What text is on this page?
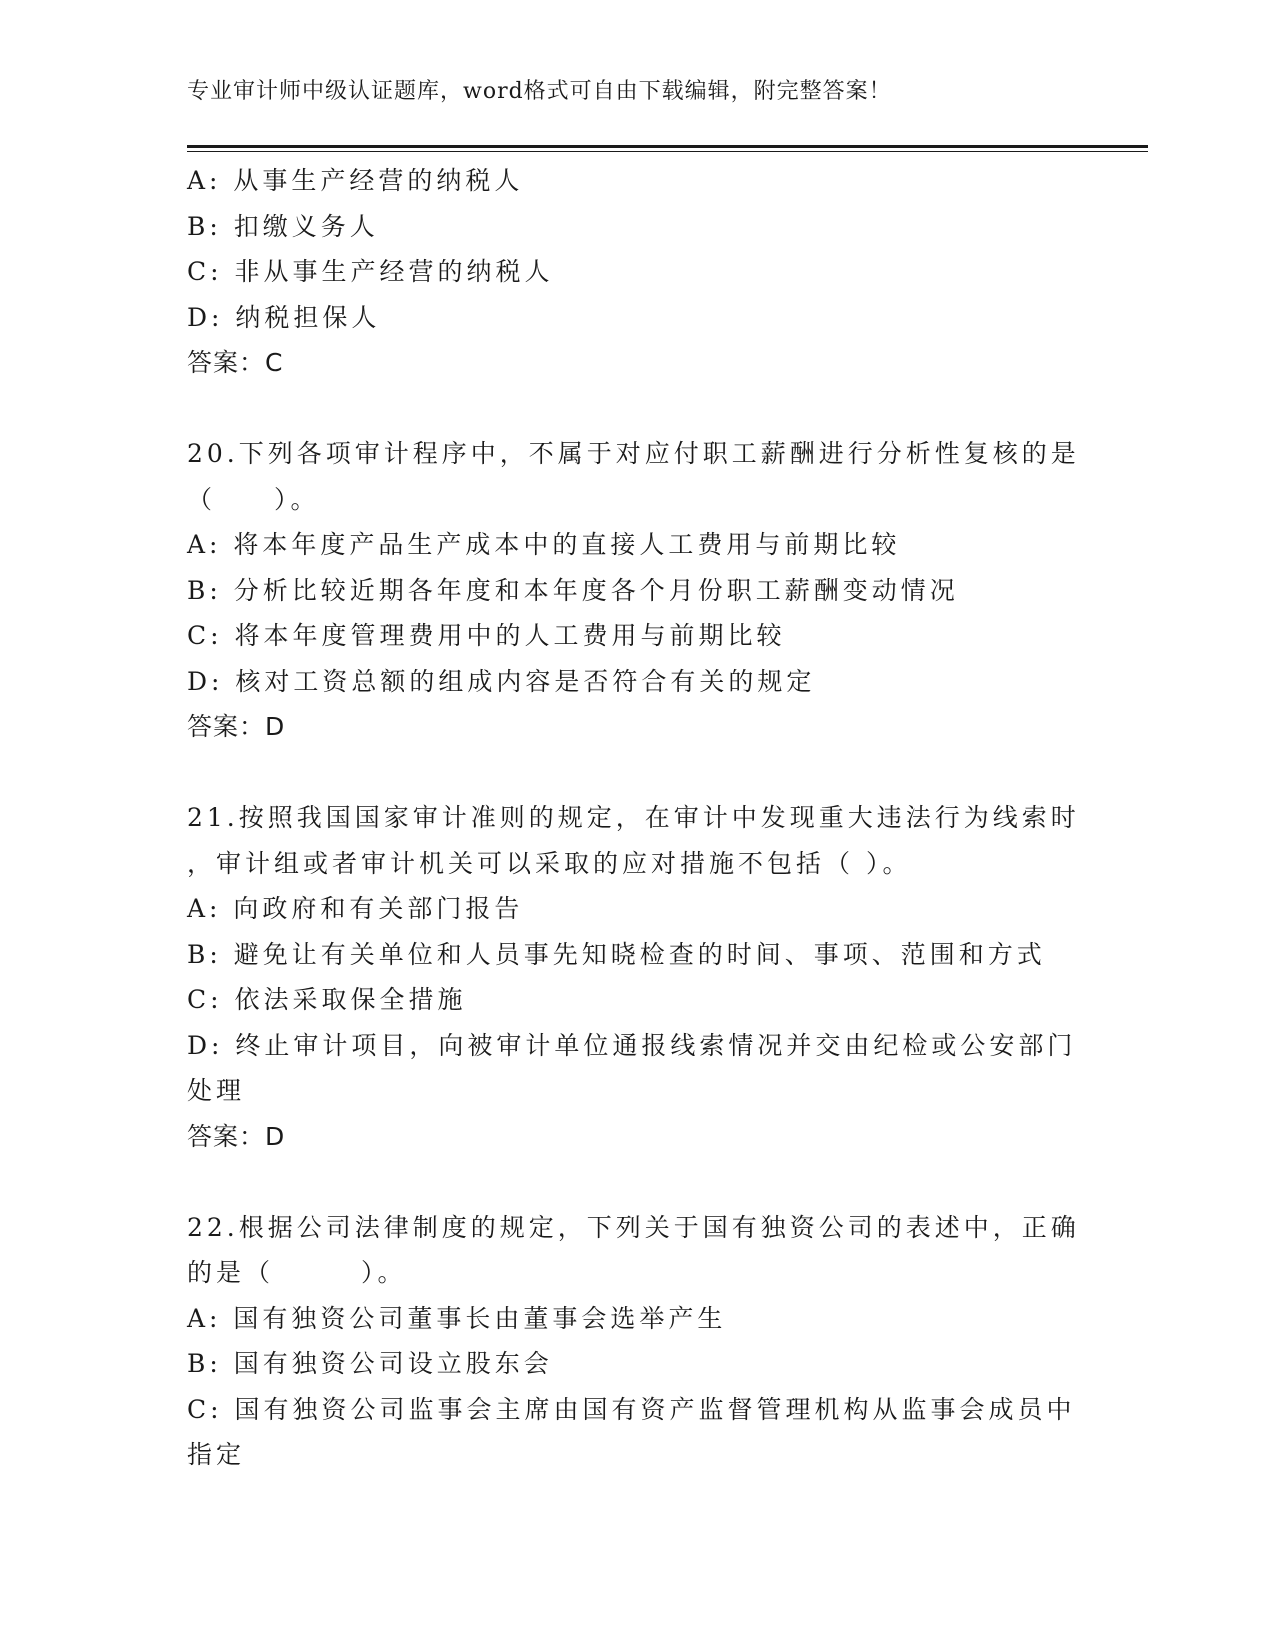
专业审计师中级认证题库，word格式可自由下载编辑，附完整答案！
A: 从事生产经营的纳税人
B: 扣缴义务人
C: 非从事生产经营的纳税人
D: 纳税担保人
答案：C
20.下列各项审计程序中，不属于对应付职工薪酬进行分析性复核的是
（　　）。
A: 将本年度产品生产成本中的直接人工费用与前期比较
B: 分析比较近期各年度和本年度各个月份职工薪酬变动情况
C: 将本年度管理费用中的人工费用与前期比较
D: 核对工资总额的组成内容是否符合有关的规定
答案：D
21.按照我国国家审计准则的规定，在审计中发现重大违法行为线索时
，审计组或者审计机关可以采取的应对措施不包括（ ）。
A: 向政府和有关部门报告
B: 避免让有关单位和人员事先知晓检查的时间、事项、范围和方式
C: 依法采取保全措施
D: 终止审计项目，向被审计单位通报线索情况并交由纪检或公安部门
处理
答案：D
22.根据公司法律制度的规定，下列关于国有独资公司的表述中，正确
的是（　　　）。
A: 国有独资公司董事长由董事会选举产生
B: 国有独资公司设立股东会
C: 国有独资公司监事会主席由国有资产监督管理机构从监事会成员中
指定
